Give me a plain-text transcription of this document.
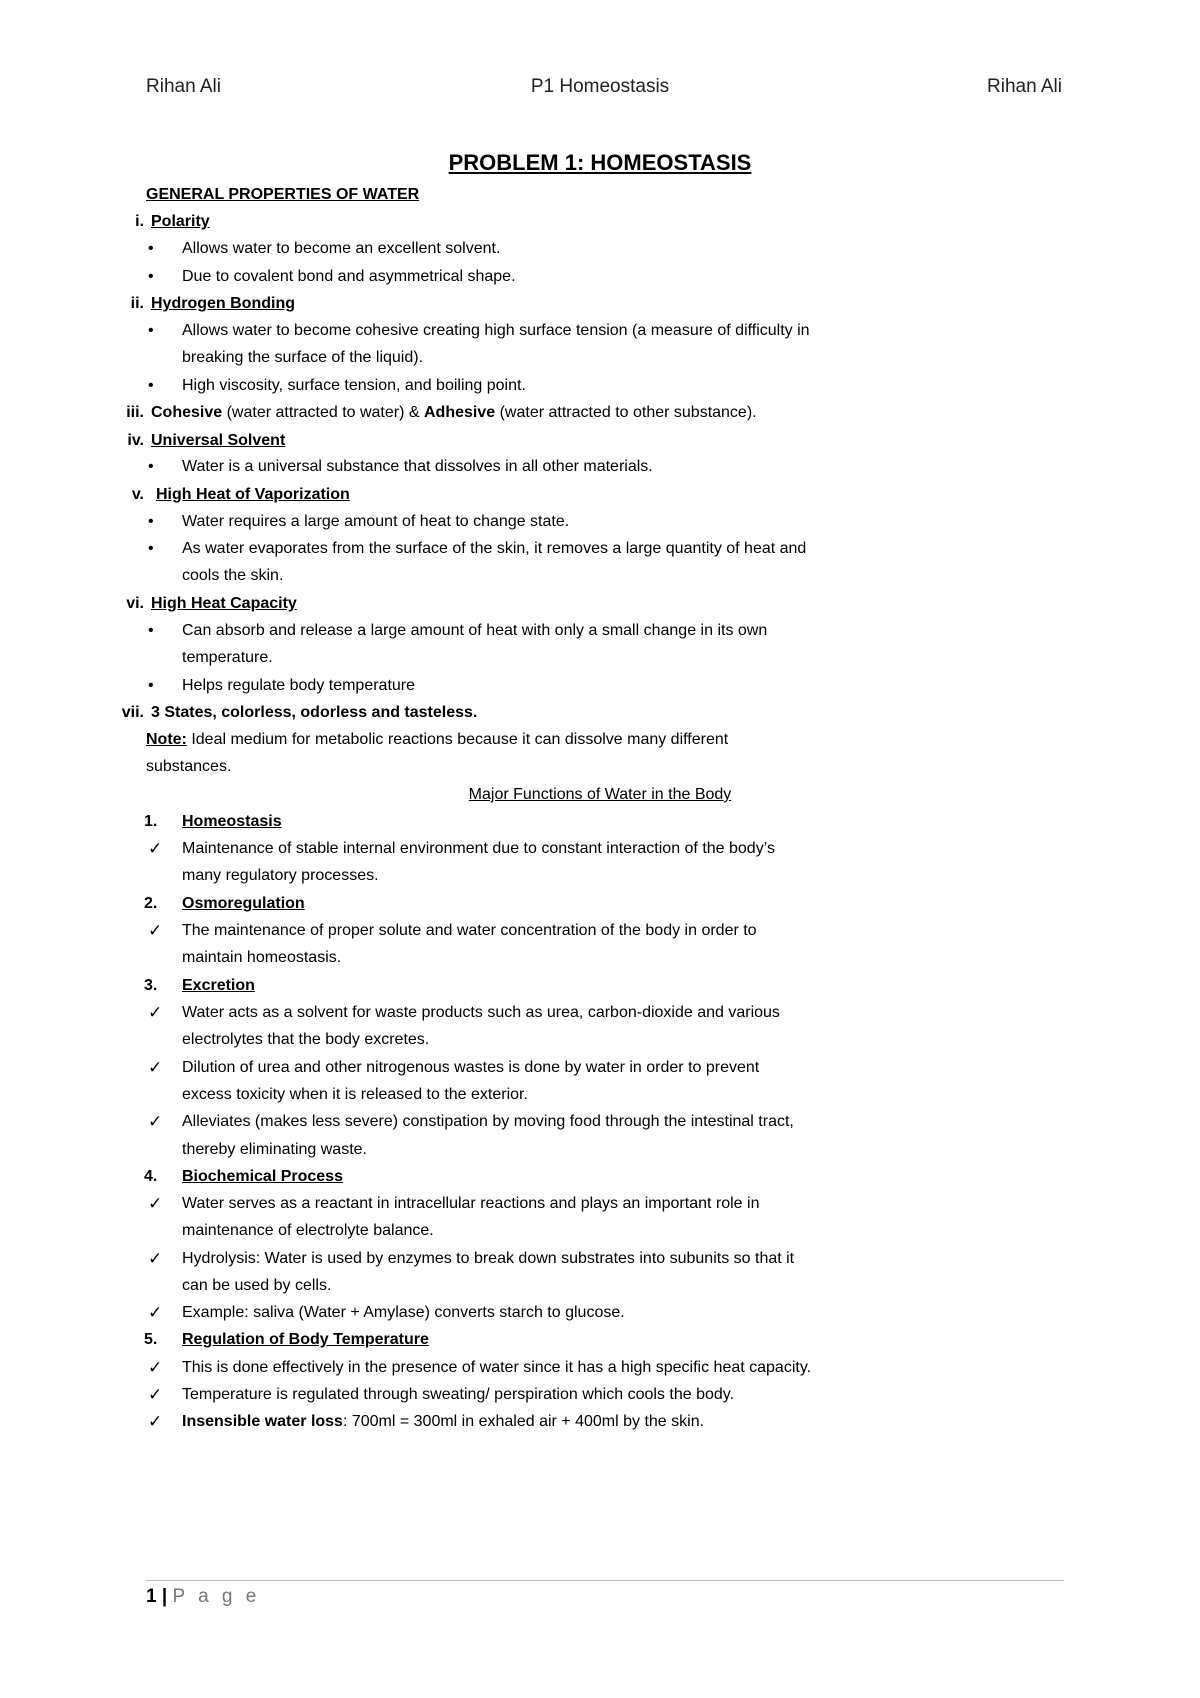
Rihan Ali	P1 Homeostasis	Rihan Ali
PROBLEM 1: HOMEOSTASIS
GENERAL PROPERTIES OF WATER
i. Polarity
• Allows water to become an excellent solvent.
• Due to covalent bond and asymmetrical shape.
ii. Hydrogen Bonding
• Allows water to become cohesive creating high surface tension (a measure of difficulty in
breaking the surface of the liquid).
• High viscosity, surface tension, and boiling point.
iii. Cohesive (water attracted to water) & Adhesive (water attracted to other substance).
iv. Universal Solvent
• Water is a universal substance that dissolves in all other materials.
v. High Heat of Vaporization
• Water requires a large amount of heat to change state.
• As water evaporates from the surface of the skin, it removes a large quantity of heat and
cools the skin.
vi. High Heat Capacity
• Can absorb and release a large amount of heat with only a small change in its own
temperature.
• Helps regulate body temperature
vii. 3 States, colorless, odorless and tasteless.
Note: Ideal medium for metabolic reactions because it can dissolve many different
substances.
Major Functions of Water in the Body
1. Homeostasis
✓ Maintenance of stable internal environment due to constant interaction of the body’s
many regulatory processes.
2. Osmoregulation
✓ The maintenance of proper solute and water concentration of the body in order to
maintain homeostasis.
3. Excretion
✓ Water acts as a solvent for waste products such as urea, carbon-dioxide and various
electrolytes that the body excretes.
✓ Dilution of urea and other nitrogenous wastes is done by water in order to prevent
excess toxicity when it is released to the exterior.
✓ Alleviates (makes less severe) constipation by moving food through the intestinal tract,
thereby eliminating waste.
4. Biochemical Process
✓ Water serves as a reactant in intracellular reactions and plays an important role in
maintenance of electrolyte balance.
✓ Hydrolysis: Water is used by enzymes to break down substrates into subunits so that it
can be used by cells.
✓ Example: saliva (Water + Amylase) converts starch to glucose.
5. Regulation of Body Temperature
✓ This is done effectively in the presence of water since it has a high specific heat capacity.
✓ Temperature is regulated through sweating/ perspiration which cools the body.
✓ Insensible water loss: 700ml = 300ml in exhaled air + 400ml by the skin.
1 | P a g e
